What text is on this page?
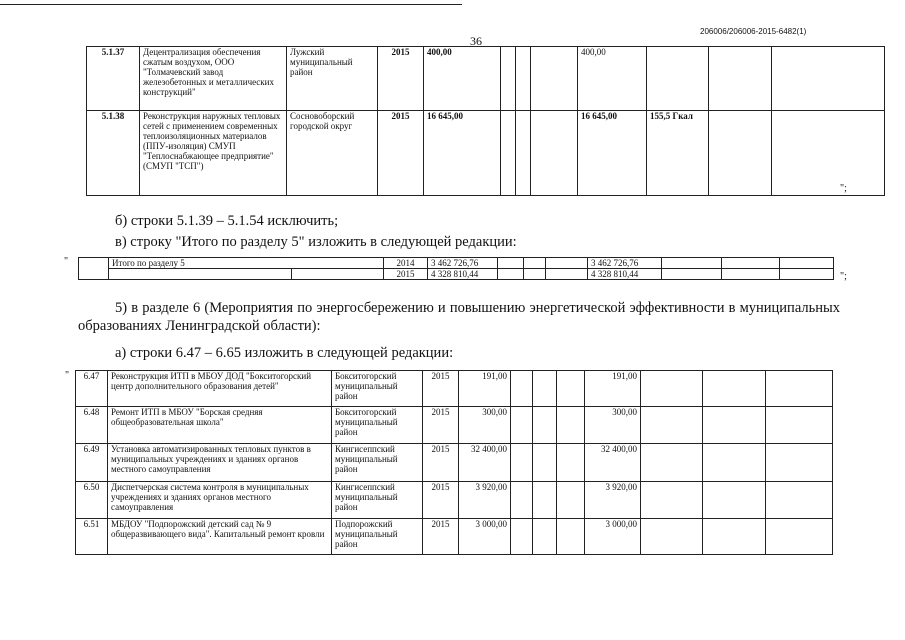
36
206006/206006-2015-6482(1)
5.1.37	Децентрализация обеспечения сжатым воздухом, ООО "Толмачевский завод железобетонных и металлических конструкций"	Лужский муниципальный район	2015	400,00				400,00			
5.1.38	Реконструкция наружных тепловых сетей с применением современных теплоизоляционных материалов (ППУ-изоляция) СМУП "Теплоснабжающее предприятие" (СМУП "ТСП")	Сосновоборский городской округ	2015	16 645,00				16 645,00	155,5 Гкал		
";
б) строки 5.1.39 – 5.1.54 исключить;
в) строку "Итого по разделу 5" изложить в следующей редакции:
"
		Итого по разделу 5		2014	3 462 726,76				3 462 726,76			
			2015	4 328 810,44				4 328 810,44				";
5) в разделе 6 (Мероприятия по энергосбережению и повышению энергетической эффективности в муниципальных образованиях Ленинградской области):
а) строки 6.47 – 6.65 изложить в следующей редакции:
" 6.47	Реконструкция ИТП в МБОУ ДОД "Бокситогорский центр дополнительного образования детей"	Бокситогорский муниципальный район	2015	191,00				191,00			
6.48	Ремонт ИТП в МБОУ "Борская средняя общеобразовательная школа"	Бокситогорский муниципальный район	2015	300,00				300,00			
6.49	Установка автоматизированных тепловых пунктов в муниципальных учреждениях и зданиях органов местного самоуправления	Кингисеппский муниципальный район	2015	32 400,00				32 400,00			
6.50	Диспетчерская система контроля в муниципальных учреждениях и зданиях органов местного самоуправления	Кингисеппский муниципальный район	2015	3 920,00				3 920,00			
6.51	МБДОУ "Подпорожский детский сад № 9 общеразвивающего вида". Капитальный ремонт кровли	Подпорожский муниципальный район	2015	3 000,00				3 000,00			
